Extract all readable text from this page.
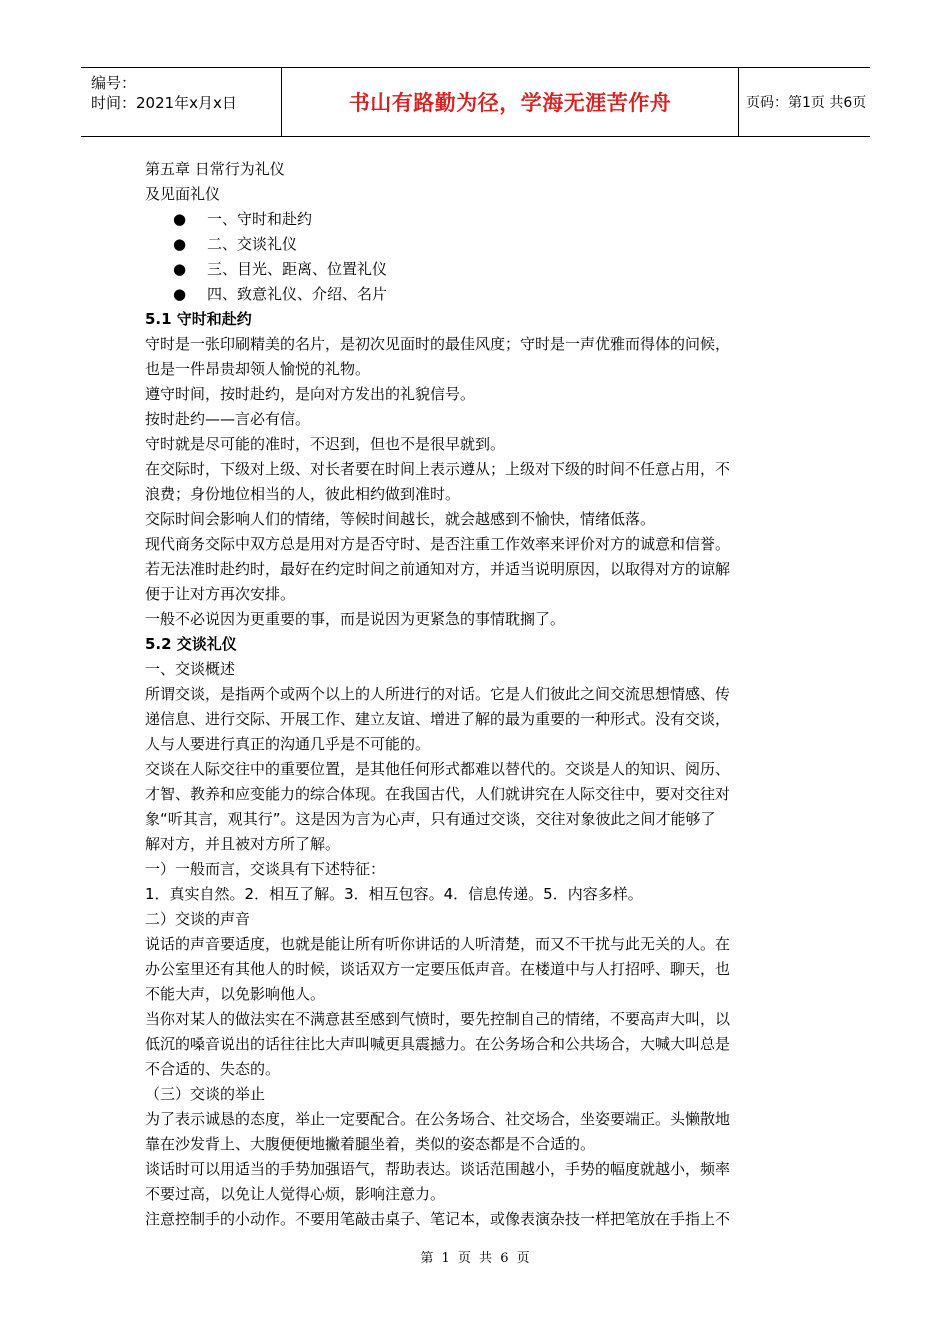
编号：
时间：2021年x月x日	书山有路勤为径，学海无涯苦作舟	页码：第1页 共6页
第五章 日常行为礼仪
及见面礼仪
● 一、守时和赴约
● 二、交谈礼仪
● 三、目光、距离、位置礼仪
● 四、致意礼仪、介绍、名片
5.1 守时和赴约
守时是一张印刷精美的名片，是初次见面时的最佳风度；守时是一声优雅而得体的问候，
也是一件昂贵却领人愉悦的礼物。
遵守时间，按时赴约，是向对方发出的礼貌信号。
按时赴约——言必有信。
守时就是尽可能的准时，不迟到，但也不是很早就到。
在交际时，下级对上级、对长者要在时间上表示遵从；上级对下级的时间不任意占用，不
浪费；身份地位相当的人，彼此相约做到准时。
交际时间会影响人们的情绪，等候时间越长，就会越感到不愉快，情绪低落。
现代商务交际中双方总是用对方是否守时、是否注重工作效率来评价对方的诚意和信誉。
若无法准时赴约时，最好在约定时间之前通知对方，并适当说明原因，以取得对方的谅解
便于让对方再次安排。
一般不必说因为更重要的事，而是说因为更紧急的事情耽搁了。
5.2 交谈礼仪
一、交谈概述
所谓交谈，是指两个或两个以上的人所进行的对话。它是人们彼此之间交流思想情感、传
递信息、进行交际、开展工作、建立友谊、增进了解的最为重要的一种形式。没有交谈，
人与人要进行真正的沟通几乎是不可能的。
交谈在人际交往中的重要位置，是其他任何形式都难以替代的。交谈是人的知识、阅历、
才智、教养和应变能力的综合体现。在我国古代，人们就讲究在人际交往中，要对交往对
象“听其言，观其行”。这是因为言为心声，只有通过交谈，交往对象彼此之间才能够了
解对方，并且被对方所了解。
一）一般而言，交谈具有下述特征：
1．真实自然。2．相互了解。3．相互包容。4．信息传递。5．内容多样。
二）交谈的声音
说话的声音要适度，也就是能让所有听你讲话的人听清楚，而又不干扰与此无关的人。在
办公室里还有其他人的时候，谈话双方一定要压低声音。在楼道中与人打招呼、聊天，也
不能大声，以免影响他人。
当你对某人的做法实在不满意甚至感到气愤时，要先控制自己的情绪，不要高声大叫，以
低沉的嗓音说出的话往往比大声叫喊更具震撼力。在公务场合和公共场合，大喊大叫总是
不合适的、失态的。
（三）交谈的举止
为了表示诚恳的态度，举止一定要配合。在公务场合、社交场合，坐姿要端正。头懒散地
靠在沙发背上、大腹便便地撇着腿坐着，类似的姿态都是不合适的。
谈话时可以用适当的手势加强语气，帮助表达。谈话范围越小，手势的幅度就越小，频率
不要过高，以免让人觉得心烦，影响注意力。
注意控制手的小动作。不要用笔敲击桌子、笔记本，或像表演杂技一样把笔放在手指上不
第 1 页 共 6 页
